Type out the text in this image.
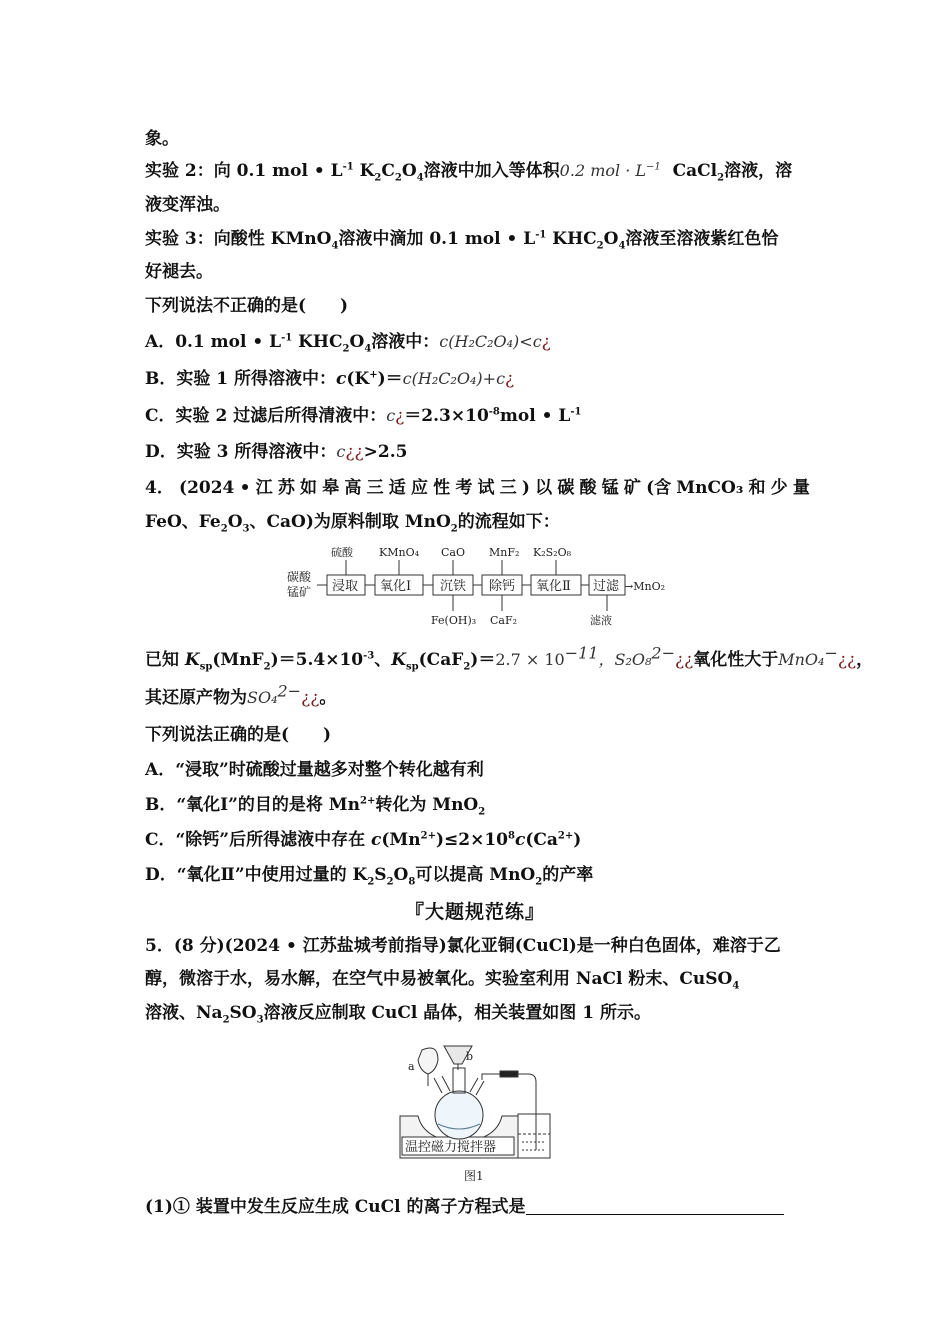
象。
实验 2：向 0.1 mol • $L^{-1}$ $K_2C_2O_4$溶液中加入等体积0.2 mol · $L^{-1}$ CaCl$_2$溶液，溶
液变浑浊。
实验 3：向酸性 KMnO$_4$溶液中滴加 0.1 mol • $L^{-1}$ $KHC_2O_4$溶液至溶液紫红色恰
好褪去。
下列说法不正确的是(　　)
A．0.1 mol • $L^{-1}$ $KHC_2O_4$溶液中：c(H₂C₂O₄)<c¿
B．实验 1 所得溶液中：c(K+)＝c(H₂C₂O₄)+c¿
C．实验 2 过滤后所得清液中：$c¿=2.3\times 10^{-8}mol$ • $L^{-1}$
D．实验 3 所得溶液中：c¿¿>2.5
4． (2024 • 江 苏 如 皋 高 三 适 应 性 考 试 三 ) 以 碳 酸 锰 矿 (含 MnCO₃ 和 少 量
FeO、$Fe_2O_3$、CaO)为原料制取 MnO$_2$的流程如下：
碳酸
锰矿
硫酸 KMnO₄ CaO MnF₂ K₂S₂O₈
Fe(OH)₃ CaF₂	滤液
→MnO₂
浸取 氧化Ⅰ 沉铁 除钙 氧化Ⅱ 过滤
已知 $K_{sp}(MnF_2)=5.4\times 10^{-3}$、$K_{sp}(CaF_2)=2.7 \times 10^{-11}$，S₂O₈$^{2-}$¿¿氧化性大于MnO₄−¿¿，
其还原产物为SO₄$^{2-}$¿¿。
下列说法正确的是(　　)
A．“浸取”时硫酸过量越多对整个转化越有利
B．“氧化Ⅰ”的目的是将 $Mn^{2+}$转化为 MnO$_2$
C．“除钙”后所得滤液中存在 $c(Mn^{2+})\le 2\times 10^8c(Ca^{2+})$
D．“氧化Ⅱ”中使用过量的 $K_2S_2O_8$可以提高 MnO$_2$的产率
『大题规范练』
5．(8 分)(2024 • 江苏盐城考前指导)氯化亚铜(CuCl)是一种白色固体，难溶于乙
醇，微溶于水，易水解，在空气中易被氧化。实验室利用 NaCl 粉末、CuSO$_4$
溶液、$Na_2SO_3$溶液反应制取 CuCl 晶体，相关装置如图 1 所示。
a
b
温控磁力搅拌器
图1
(1)① 装置中发生反应生成 CuCl 的离子方程式是
